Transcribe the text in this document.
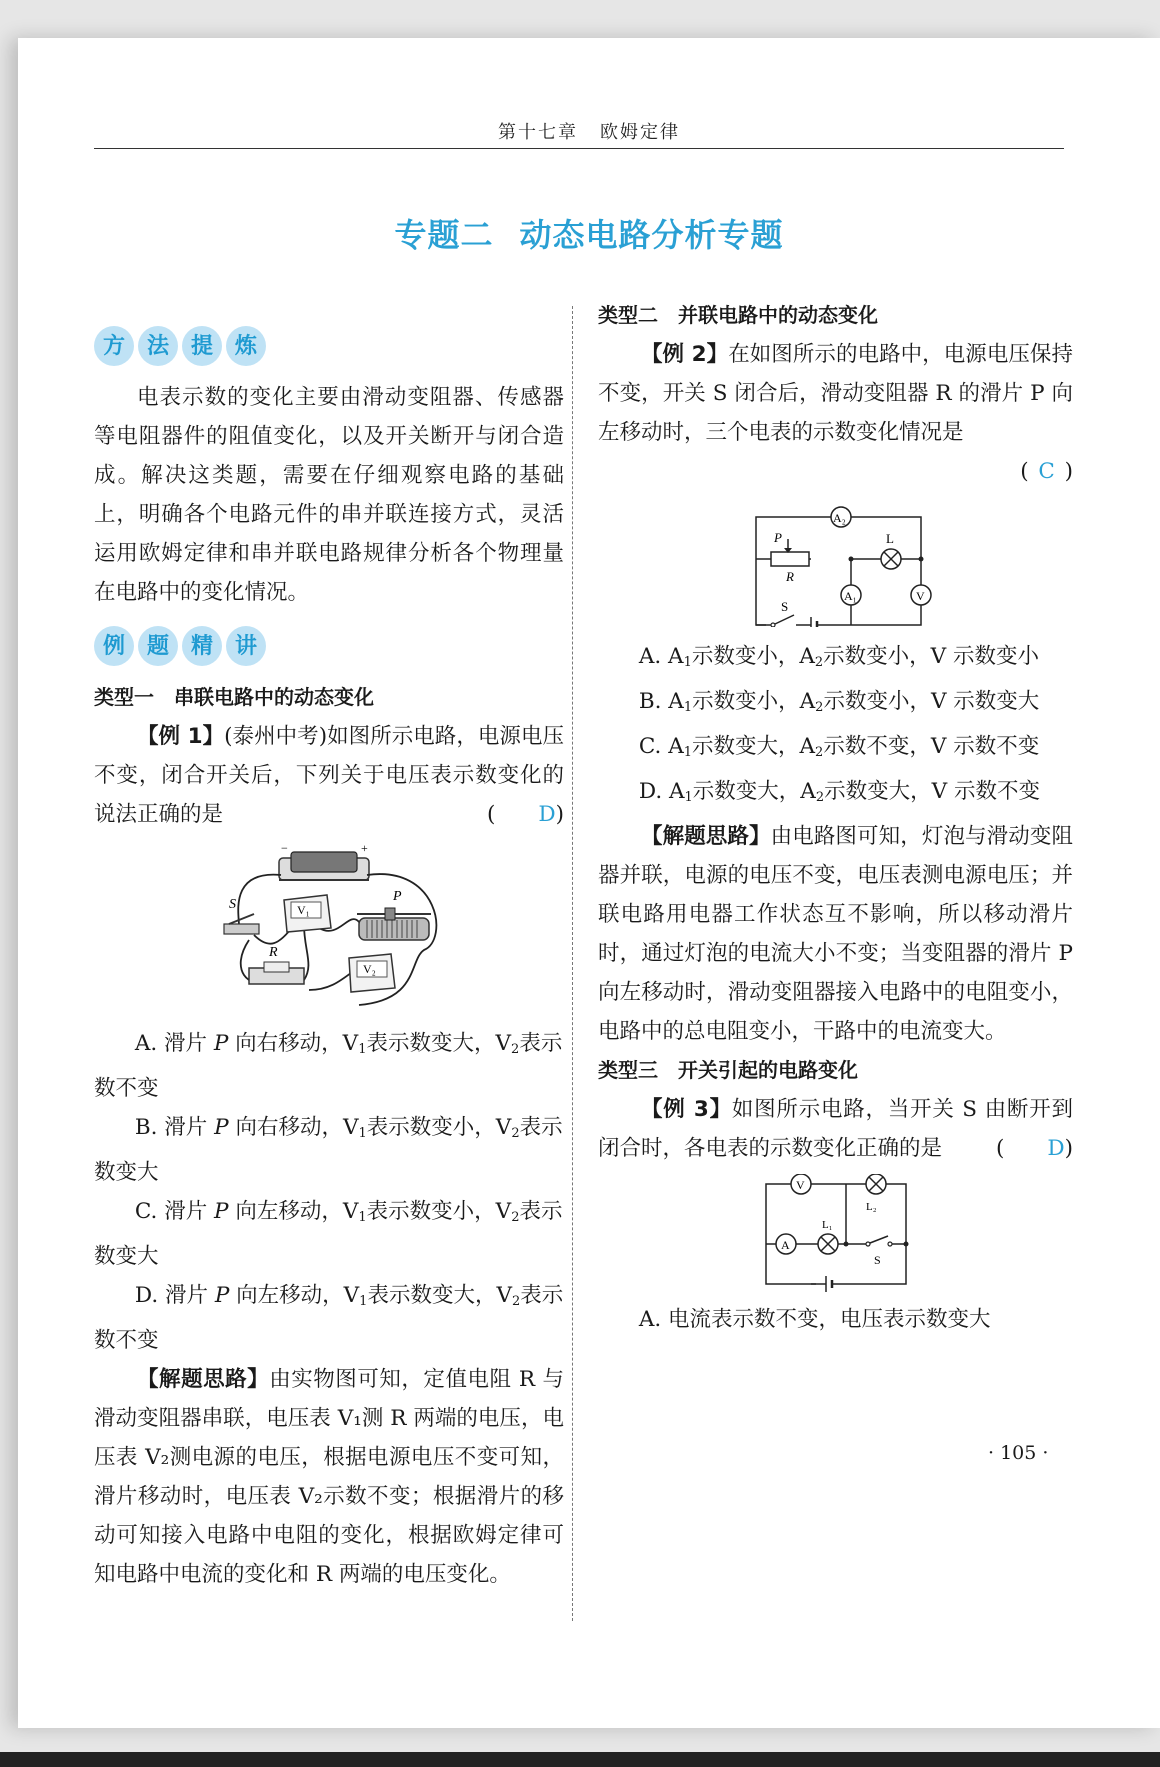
第十七章 欧姆定律
专题二 动态电路分析专题
方 法 提 炼

电表示数的变化主要由滑动变阻器、传感器等电阻器件的阻值变化，以及开关断开与闭合造成。解决这类题，需要在仔细观察电路的基础上，明确各个电路元件的串并联连接方式，灵活运用欧姆定律和串并联电路规律分析各个物理量在电路中的变化情况。

例 题 精 讲

类型一　串联电路中的动态变化

【例 1】(泰州中考)如图所示电路，电源电压不变，闭合开关后，下列关于电压表示数变化的说法正确的是	( D)

−	+
S	V₁
P
R
V₂

A. 滑片 P 向右移动，$V_1$表示数变大，$V_2$表示数不变

B. 滑片 P 向右移动，$V_1$表示数变小，$V_2$表示数变大

C. 滑片 P 向左移动，$V_1$表示数变小，$V_2$表示数变大

D. 滑片 P 向左移动，$V_1$表示数变大，$V_2$表示数不变

【解题思路】由实物图可知，定值电阻 R 与滑动变阻器串联，电压表 V₁测 R 两端的电压，电压表 V₂测电源的电压，根据电源电压不变可知，滑片移动时，电压表 V₂示数不变；根据滑片的移动可知接入电路中电阻的变化，根据欧姆定律可知电路中电流的变化和 R 两端的电压变化。

类型二　并联电路中的动态变化

【例 2】在如图所示的电路中，电源电压保持不变，开关 S 闭合后，滑动变阻器 R 的滑片 P 向左移动时，三个电表的示数变化情况是

( C )

A₂
P
R
L
A₁	V
S

A. $A_1$示数变小，$A_2$示数变小，V 示数变小

B. $A_1$示数变小，$A_2$示数变小，V 示数变大

C. $A_1$示数变大，$A_2$示数不变，V 示数不变

D. $A_1$示数变大，$A_2$示数变大，V 示数不变

【解题思路】由电路图可知，灯泡与滑动变阻器并联，电源的电压不变，电压表测电源电压；并联电路用电器工作状态互不影响，所以移动滑片时，通过灯泡的电流大小不变；当变阻器的滑片 P 向左移动时，滑动变阻器接入电路中的电阻变小，电路中的总电阻变小，干路中的电流变大。

类型三　开关引起的电路变化

【例 3】如图所示电路，当开关 S 由断开到闭合时，各电表的示数变化正确的是	( D)

V
L₂
A
L₁
S

A. 电流表示数不变，电压表示数变大

· 105 ·
